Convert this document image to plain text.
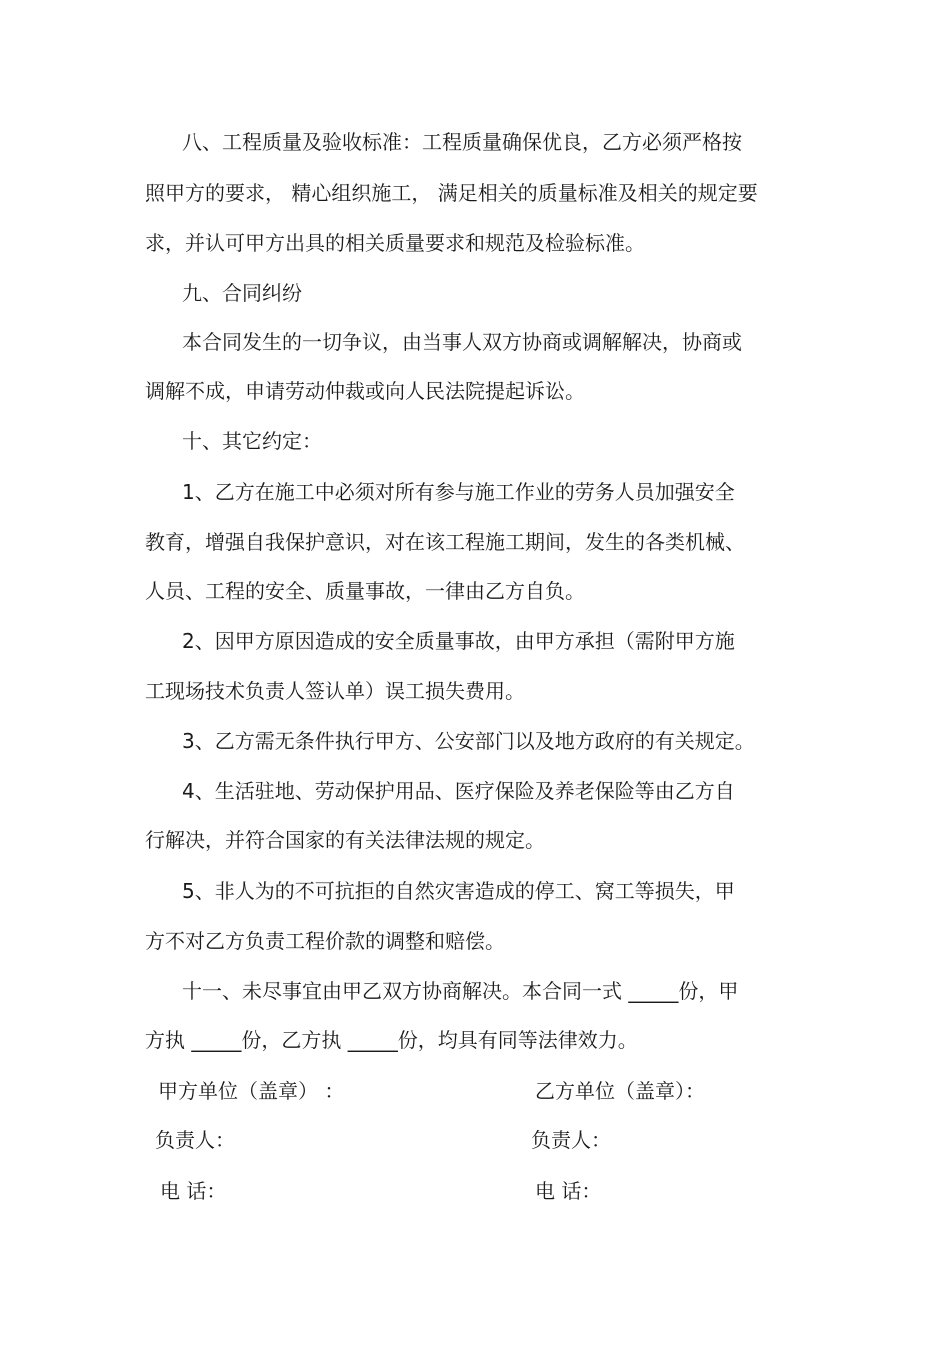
八、工程质量及验收标准：工程质量确保优良，乙方必须严格按
照甲方的要求， 精心组织施工， 满足相关的质量标准及相关的规定要
求，并认可甲方出具的相关质量要求和规范及检验标准。
九、合同纠纷
本合同发生的一切争议，由当事人双方协商或调解解决，协商或
调解不成，申请劳动仲裁或向人民法院提起诉讼。
十、其它约定：
1、乙方在施工中必须对所有参与施工作业的劳务人员加强安全
教育，增强自我保护意识，对在该工程施工期间，发生的各类机械、
人员、工程的安全、质量事故，一律由乙方自负。
2、因甲方原因造成的安全质量事故，由甲方承担（需附甲方施
工现场技术负责人签认单）误工损失费用。
3、乙方需无条件执行甲方、公安部门以及地方政府的有关规定。
4、生活驻地、劳动保护用品、医疗保险及养老保险等由乙方自
行解决，并符合国家的有关法律法规的规定。
5、非人为的不可抗拒的自然灾害造成的停工、窝工等损失，甲
方不对乙方负责工程价款的调整和赔偿。
十一、未尽事宜由甲乙双方协商解决。本合同一式 _____份，甲
方执 _____份，乙方执 _____份，均具有同等法律效力。
甲方单位（盖章） ：	乙方单位（盖章）：
负责人：	负责人：
电 话：	电 话：
